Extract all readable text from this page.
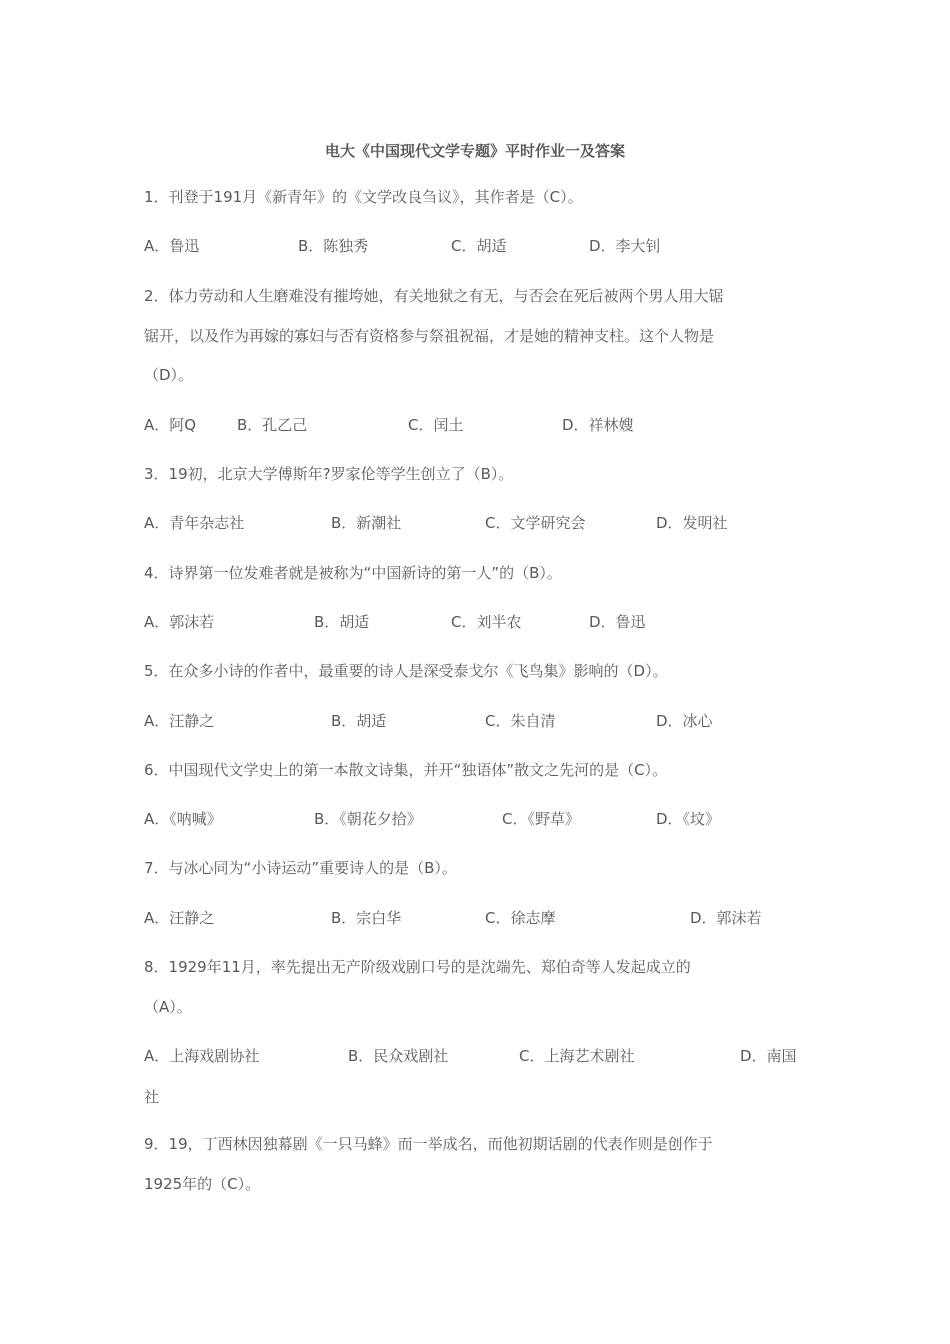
电大《中国现代文学专题》平时作业一及答案
1．刊登于191月《新青年》的《文学改良刍议》，其作者是（C）。
A．鲁迅	B．陈独秀	C．胡适	D．李大钊
2．体力劳动和人生磨难没有摧垮她，有关地狱之有无，与否会在死后被两个男人用大锯
锯开，以及作为再嫁的寡妇与否有资格参与祭祖祝福，才是她的精神支柱。这个人物是
（D）。
A．阿Q	B．孔乙己	C．闰土	D．祥林嫂
3．19初，北京大学傅斯年?罗家伦等学生创立了（B）。
A．青年杂志社	B．新潮社	C．文学研究会	D．发明社
4．诗界第一位发难者就是被称为“中国新诗的第一人”的（B）。
A．郭沫若	B．胡适	C．刘半农	D．鲁迅
5．在众多小诗的作者中，最重要的诗人是深受泰戈尔《飞鸟集》影响的（D）。
A．汪静之	B．胡适	C．朱自清	D．冰心
6．中国现代文学史上的第一本散文诗集，并开“独语体”散文之先河的是（C）。
A．《呐喊》	B．《朝花夕拾》	C．《野草》	D．《坟》
7．与冰心同为“小诗运动”重要诗人的是（B）。
A．汪静之	B．宗白华	C．徐志摩	D．郭沫若
8．1929年11月，率先提出无产阶级戏剧口号的是沈端先、郑伯奇等人发起成立的
（A）。
A．上海戏剧协社	B．民众戏剧社	C．上海艺术剧社	D．南国
社
9．19，丁西林因独幕剧《一只马蜂》而一举成名，而他初期话剧的代表作则是创作于
1925年的（C）。
